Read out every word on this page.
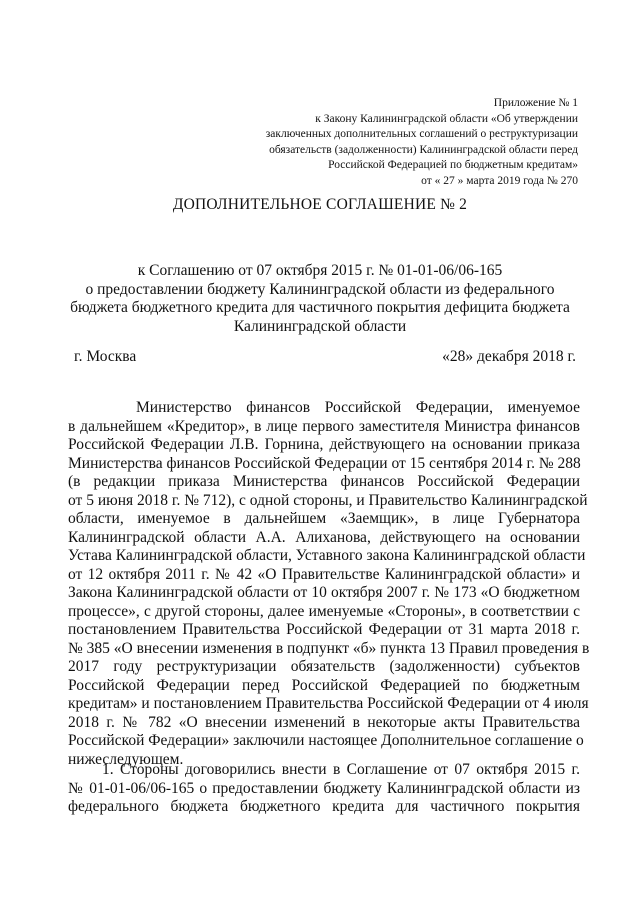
Приложение № 1
к Закону Калининградской области «Об утверждении
заключенных дополнительных соглашений о реструктуризации
обязательств (задолженности) Калининградской области перед
Российской Федерацией по бюджетным кредитам»
от « 27 » марта 2019 года № 270
ДОПОЛНИТЕЛЬНОЕ СОГЛАШЕНИЕ № 2
к Соглашению от 07 октября 2015 г. № 01-01-06/06-165
о предоставлении бюджету Калининградской области из федерального
бюджета бюджетного кредита для частичного покрытия дефицита бюджета
Калининградской области
г. Москва	«28» декабря 2018 г.
Министерство финансов Российской Федерации, именуемое
в дальнейшем «Кредитор», в лице первого заместителя Министра финансов
Российской Федерации Л.В. Горнина, действующего на основании приказа
Министерства финансов Российской Федерации от 15 сентября 2014 г. № 288
(в редакции приказа Министерства финансов Российской Федерации
от 5 июня 2018 г. № 712), с одной стороны, и Правительство Калининградской
области, именуемое в дальнейшем «Заемщик», в лице Губернатора
Калининградской области А.А. Алиханова, действующего на основании
Устава Калининградской области, Уставного закона Калининградской области
от 12 октября 2011 г. № 42 «О Правительстве Калининградской области» и
Закона Калининградской области от 10 октября 2007 г. № 173 «О бюджетном
процессе», с другой стороны, далее именуемые «Стороны», в соответствии с
постановлением Правительства Российской Федерации от 31 марта 2018 г.
№ 385 «О внесении изменения в подпункт «б» пункта 13 Правил проведения в
2017 году реструктуризации обязательств (задолженности) субъектов
Российской Федерации перед Российской Федерацией по бюджетным
кредитам» и постановлением Правительства Российской Федерации от 4 июля
2018 г. № 782 «О внесении изменений в некоторые акты Правительства
Российской Федерации» заключили настоящее Дополнительное соглашение о
нижеследующем.
1. Стороны договорились внести в Соглашение от 07 октября 2015 г.
№ 01-01-06/06-165 о предоставлении бюджету Калининградской области из
федерального бюджета бюджетного кредита для частичного покрытия
